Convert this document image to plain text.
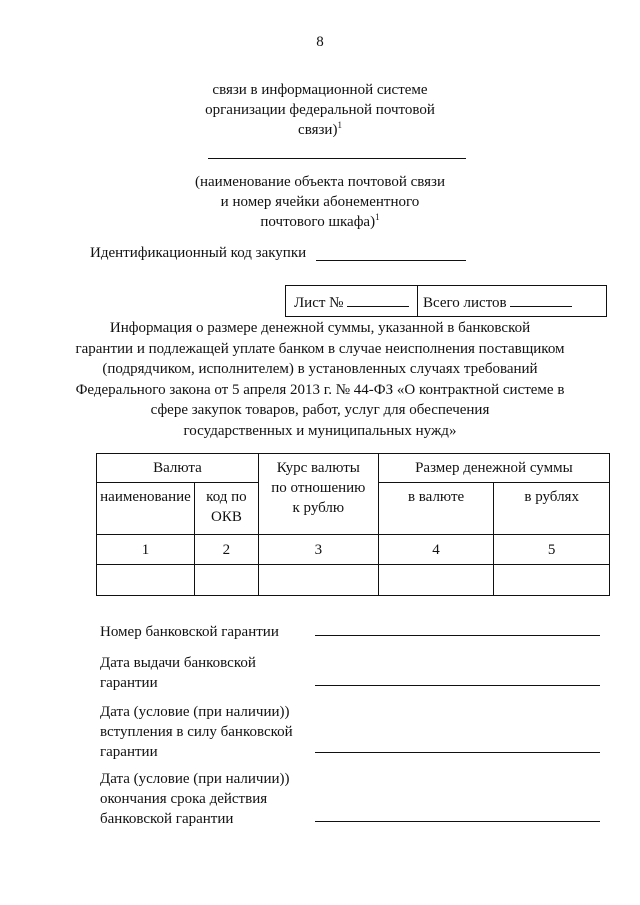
8
связи в информационной системе
организации федеральной почтовой
связи)$^1$
(наименование объекта почтовой связи
и номер ячейки абонементного
почтового шкафа)$^1$
Идентификационный код закупки
Лист №	Всего листов
Информация о размере денежной суммы, указанной в банковской
гарантии и подлежащей уплате банком в случае неисполнения поставщиком
(подрядчиком, исполнителем) в установленных случаях требований
Федерального закона от 5 апреля 2013 г. № 44-ФЗ «О контрактной системе в
сфере закупок товаров, работ, услуг для обеспечения
государственных и муниципальных нужд»
Валюта		Курс валюты по отношению к рублю	Размер денежной суммы	
наименование	код по ОКВ		в валюте	в рублях
1	2	3	4	5

Номер банковской гарантии
Дата выдачи банковской
гарантии
Дата (условие (при наличии))
вступления в силу банковской
гарантии
Дата (условие (при наличии))
окончания срока действия
банковской гарантии
